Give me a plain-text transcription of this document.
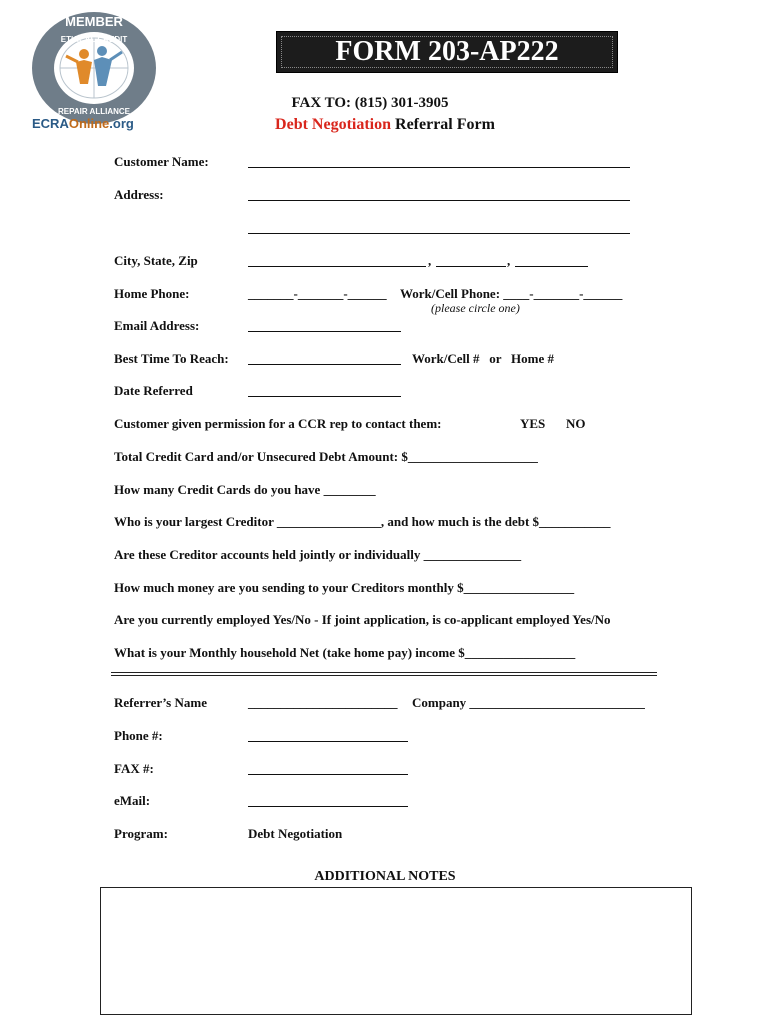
MEMBER
ETHICAL CREDIT
REPAIR ALLIANCE
ECRAOnline.org
FORM 203-AP222
FAX TO: (815) 301-3905
Debt Negotiation Referral Form
Customer Name:
Address:
City, State, Zip	,	,
Home Phone:	_______-_______-______ Work/Cell Phone: ____-_______-______
(please circle one)
Email Address:
Best Time To Reach:	Work/Cell #   or   Home #
Date Referred
Customer given permission for a CCR rep to contact them:	YES NO
Total Credit Card and/or Unsecured Debt Amount: $____________________
How many Credit Cards do you have ________
Who is your largest Creditor ________________, and how much is the debt $___________
Are these Creditor accounts held jointly or individually _______________
How much money are you sending to your Creditors monthly $_________________
Are you currently employed Yes/No - If joint application, is co-applicant employed Yes/No
What is your Monthly household Net (take home pay) income $_________________
Referrer’s Name	_______________________ Company ___________________________
Phone #:
FAX #:
eMail:
Program:	Debt Negotiation
ADDITIONAL NOTES
